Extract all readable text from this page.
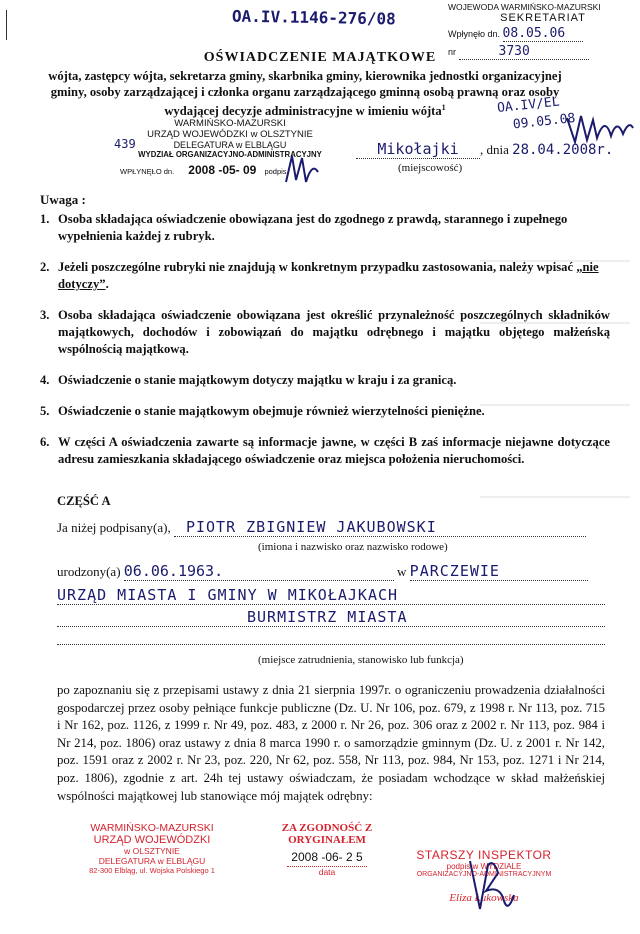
OA.IV.1146-276/08	WOJEWODA WARMIŃSKO-MAZURSKI
SEKRETARIAT
Wpłynęło dn. 08.05.06
nr	3730
OŚWIADCZENIE MAJĄTKOWE
wójta, zastępcy wójta, sekretarza gminy, skarbnika gminy, kierownika jednostki organizacyjnej gminy, osoby zarządzającej i członka organu zarządzającego gminną osobą prawną oraz osoby wydającej decyzje administracyjne w imieniu wójta$^1$	OA.IV/EL
09.05.08
WARMIŃSKO-MAZURSKI
URZĄD WOJEWÓDZKI w OLSZTYNIE
DELEGATURA w ELBLĄGU
WYDZIAŁ ORGANIZACYJNO-ADMINISTRACYJNY
WPŁYNĘŁO dn. 2008 -05- 09 podpis
439	Mikołajki , dnia 28.04.2008r.
(miejscowość)
Uwaga :
1. Osoba składająca oświadczenie obowiązana jest do zgodnego z prawdą, starannego i zupełnego wypełnienia każdej z rubryk.
2. Jeżeli poszczególne rubryki nie znajdują w konkretnym przypadku zastosowania, należy wpisać „nie dotyczy”.
3. Osoba składająca oświadczenie obowiązana jest określić przynależność poszczególnych składników majątkowych, dochodów i zobowiązań do majątku odrębnego i majątku objętego małżeńską wspólnością majątkową.
4. Oświadczenie o stanie majątkowym dotyczy majątku w kraju i za granicą.
5. Oświadczenie o stanie majątkowym obejmuje również wierzytelności pieniężne.
6. W części A oświadczenia zawarte są informacje jawne, w części B zaś informacje niejawne dotyczące adresu zamieszkania składającego oświadczenie oraz miejsca położenia nieruchomości.
CZĘŚĆ A
Ja niżej podpisany(a), PIOTR ZBIGNIEW JAKUBOWSKI
(imiona i nazwisko oraz nazwisko rodowe)
urodzony(a) 06.06.1963.	w PARCZEWIE
URZĄD MIASTA I GMINY W MIKOŁAJKACH
BURMISTRZ MIASTA
(miejsce zatrudnienia, stanowisko lub funkcja)
po zapoznaniu się z przepisami ustawy z dnia 21 sierpnia 1997r. o ograniczeniu prowadzenia działalności gospodarczej przez osoby pełniące funkcje publiczne (Dz. U. Nr 106, poz. 679, z 1998 r. Nr 113, poz. 715 i Nr 162, poz. 1126, z 1999 r. Nr 49, poz. 483, z 2000 r. Nr 26, poz. 306 oraz z 2002 r. Nr 113, poz. 984 i Nr 214, poz. 1806) oraz ustawy z dnia 8 marca 1990 r. o samorządzie gminnym (Dz. U. z 2001 r. Nr 142, poz. 1591 oraz z 2002 r. Nr 23, poz. 220, Nr 62, poz. 558, Nr 113, poz. 984, Nr 153, poz. 1271 i Nr 214, poz. 1806), zgodnie z art. 24h tej ustawy oświadczam, że posiadam wchodzące w skład małżeńskiej wspólności majątkowej lub stanowiące mój majątek odrębny:
WARMIŃSKO-MAZURSKI
URZĄD WOJEWÓDZKI
w OLSZTYNIE
DELEGATURA w ELBLĄGU
82-300 Elbląg, ul. Wojska Polskiego 1
ZA ZGODNOŚĆ Z ORYGINAŁEM
2008 -06- 2 5
data
STARSZY INSPEKTOR
podpis w WYDZIALE
ORGANIZACYJNO-ADMINISTRACYJNYM
Eliza Łukowska
